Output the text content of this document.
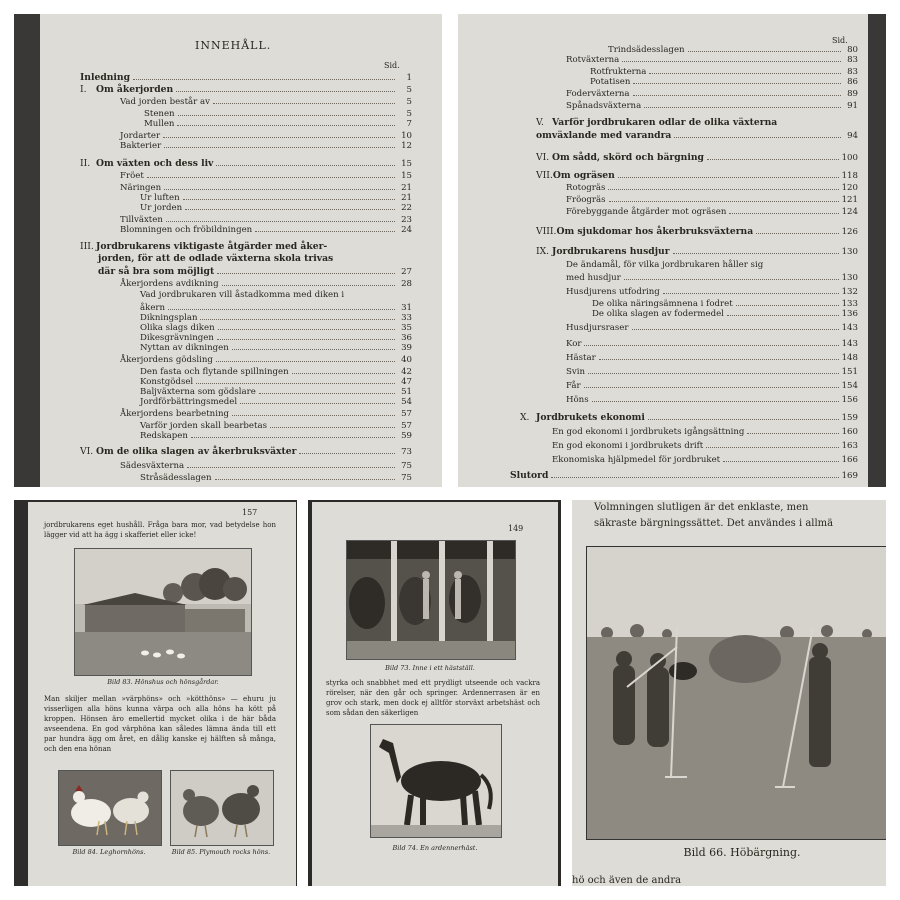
INNEHÅLL.
Sid.
Inledning	1
I. Om åkerjorden	5
Vad jorden består av	5
Stenen	5
Mullen	7
Jordarter	10
Bakterier	12
II. Om växten och dess liv	15
Fröet	15
Näringen	21
Ur luften	21
Ur jorden	22
Tillväxten	23
Blomningen och fröbildningen	24
III. Jordbrukarens viktigaste åtgärder med åker-
jorden, för att de odlade växterna skola trivas
där så bra som möjligt	27
Åkerjordens avdikning	28
Vad jordbrukaren vill åstadkomma med diken i
åkern	31
Dikningsplan	33
Olika slags diken	35
Dikesgrävningen	36
Nyttan av dikningen	39
Åkerjordens gödsling	40
Den fasta och flytande spillningen	42
Konstgödsel	47
Baljväxterna som gödslare	51
Jordförbättringsmedel	54
Åkerjordens bearbetning	57
Varför jorden skall bearbetas	57
Redskapen	59
VI. Om de olika slagen av åkerbruksväxter	73
Sädesväxterna	75
Stråsädesslagen	75
Sid.
Trindsädesslagen	80
Rotväxterna	83
Rotfrukterna	83
Potatisen	86
Foderväxterna	89
Spånadsväxterna	91
V. Varför jordbrukaren odlar de olika växterna
omväxlande med varandra	94
VI. Om sådd, skörd och bärgning	100
VII.Om ogräsen	118
Rotogräs	120
Fröogräs	121
Förebyggande åtgärder mot ogräsen	124
VIII.Om sjukdomar hos åkerbruksväxterna	126
IX. Jordbrukarens husdjur	130
De ändamål, för vilka jordbrukaren håller sig
med husdjur	130
Husdjurens utfodring	132
De olika näringsämnena i fodret	133
De olika slagen av fodermedel	136
Husdjursraser	143
Kor	143
Hästar	148
Svin	151
Får	154
Höns	156
X. Jordbrukets ekonomi	159
En god ekonomi i jordbrukets igångsättning	160
En god ekonomi i jordbrukets drift	163
Ekonomiska hjälpmedel för jordbruket	166
Slutord	169
157
jordbrukarens eget hushåll. Fråga bara mor, vad betydelse hon lägger vid att ha ägg i skafferiet eller icke!
Bild 83. Hönshus och hönsgårdar.
Man skiljer mellan »värphöns» och »kötthöns» — ehuru ju visserligen alla höns kunna värpa och alla höns ha kött på kroppen. Hönsen äro emellertid mycket olika i de här båda avseendena. En god värphöna kan således lämna ända till ett par hundra ägg om året, en dålig kanske ej hälften så många, och den ena hönan
Bild 84. Leghornhöns.	Bild 85. Plymouth rocks höns.
149
Bild 73. Inne i ett hästställ.
styrka och snabbhet med ett prydligt utseende och vackra rörelser, när den går och springer. Ardennerrasen är en grov och stark, men dock ej alltför storväxt arbetshäst och som sådan den säkerligen
Bild 74. En ardennerhäst.
Volmningen slutligen är det enklaste, men
säkraste bärgningssättet. Det användes i allmä
Bild 66. Höbärgning.
hö och även de andra
